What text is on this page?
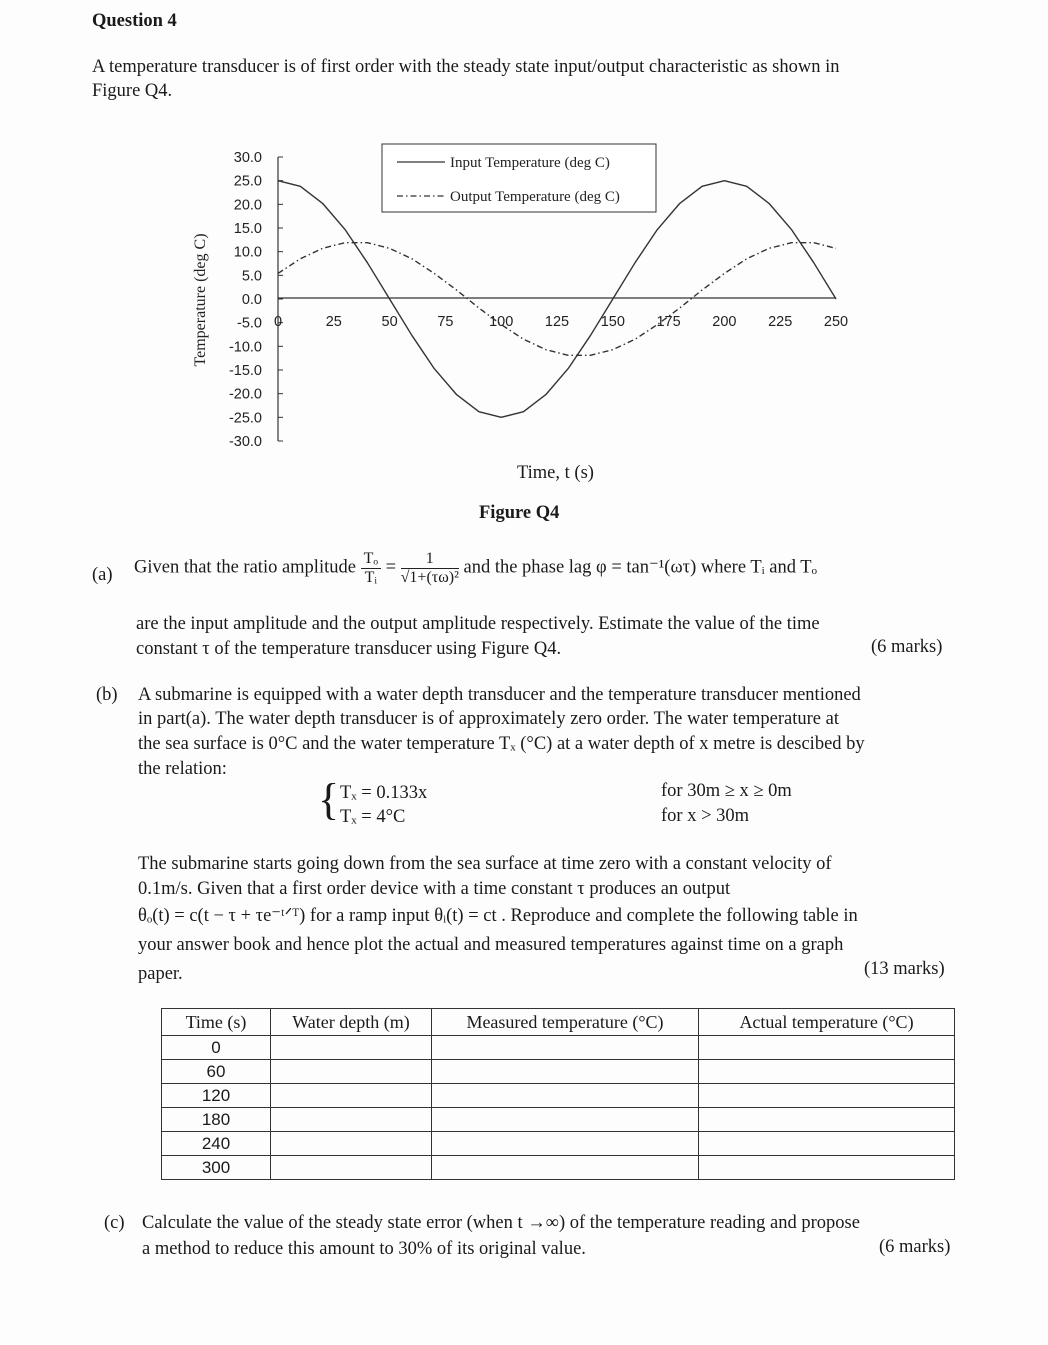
Question 4
A temperature transducer is of first order with the steady state input/output characteristic as shown in
Figure Q4.
Temperature (deg C)
30.0
25.0
20.0
15.0
10.0
5.0
0.0
-5.0
-10.0
-15.0
-20.0
-25.0
-30.0
0	25	50	75 100 125 150 175 200 225 250
Input Temperature (deg C)
Output Temperature (deg C)
Time, t (s)
Figure Q4
(a) Given that the ratio amplitude $\frac{\text{Tₒ}}{\text{Tᵢ}} = \frac{1}{\text{√1+(τω)²}}$ and the phase lag φ = tan⁻¹(ωτ) where Tᵢ and Tₒ
are the input amplitude and the output amplitude respectively. Estimate the value of the time
constant τ of the temperature transducer using Figure Q4.	(6 marks)
(b) A submarine is equipped with a water depth transducer and the temperature transducer mentioned
in part(a). The water depth transducer is of approximately zero order. The water temperature at
the sea surface is 0°C and the water temperature Tₓ (°C) at a water depth of x metre is descibed by
the relation:
{ Tₓ = 0.133x
Tₓ = 4°C
for 30m ≥ x ≥ 0m
for x > 30m
The submarine starts going down from the sea surface at time zero with a constant velocity of
0.1m/s. Given that a first order device with a time constant τ produces an output
θₒ(t) = c(t − τ + τe⁻ᵗᐟᵀ) for a ramp input θᵢ(t) = ct . Reproduce and complete the following table in
your answer book and hence plot the actual and measured temperatures against time on a graph
paper.	(13 marks)
Time (s)	Water depth (m)	Measured temperature (°C)	Actual temperature (°C)
0			
60			
120			
180			
240			
300			
(c) Calculate the value of the steady state error (when t →∞) of the temperature reading and propose
a method to reduce this amount to 30% of its original value.	(6 marks)
